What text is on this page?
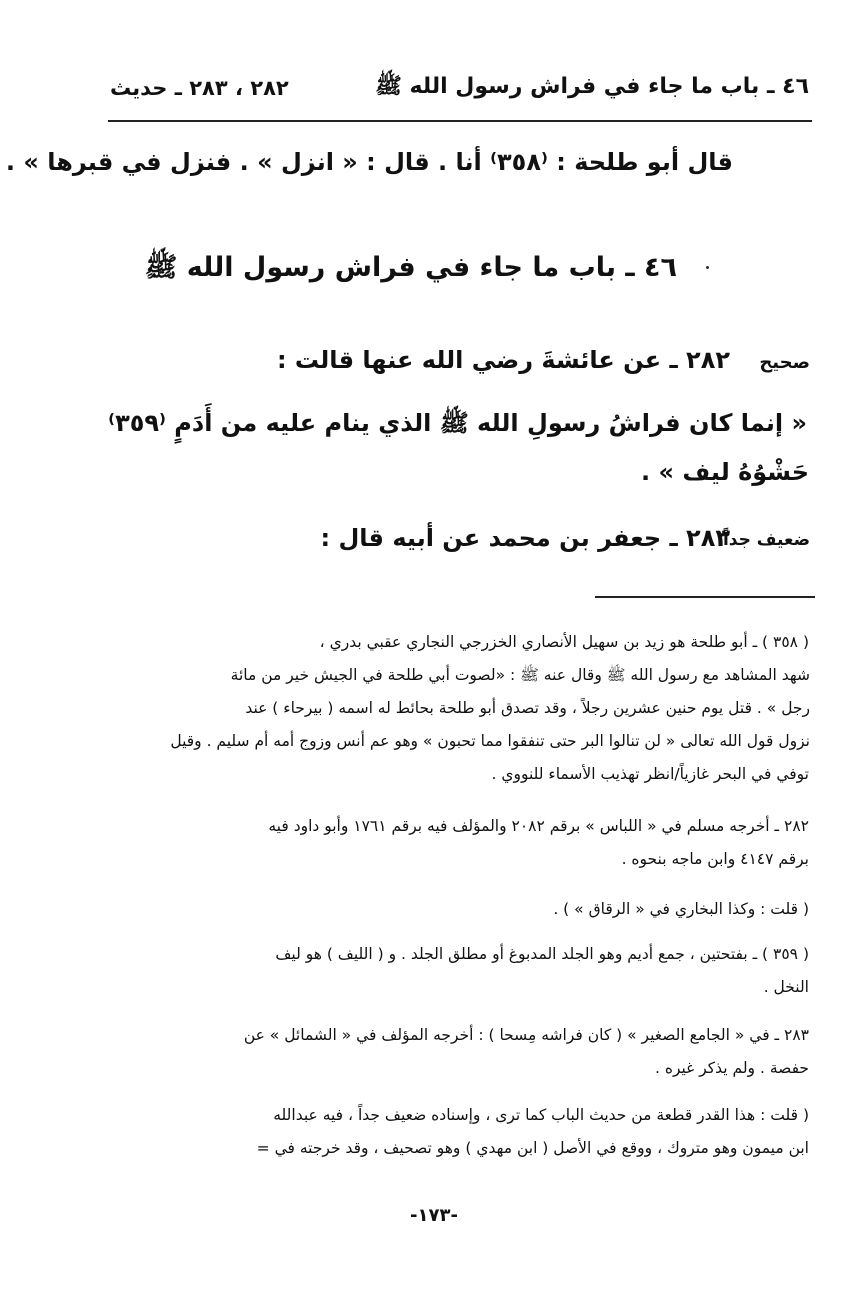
٤٦ ـ باب ما جاء في فراش رسول الله ﷺ
٢٨٢ ، ٢٨٣ ـ حديث
قال أبو طلحة : ⁽٣٥٨⁾ أنا . قال : « انزل » . فنزل في قبرها » .
٤٦ ـ باب ما جاء في فراش رسول الله ﷺ
صحيح
٢٨٢ ـ عن عائشةَ رضي الله عنها قالت :
« إنما كان فراشُ رسولِ الله ﷺ الذي ينام عليه من أَدَمٍ ⁽٣٥٩⁾
حَشْوُهُ ليف » .
ضعيف جداً
٢٨٣ ـ جعفر بن محمد عن أبيه قال :
( ٣٥٨ ) ـ أبو طلحة هو زيد بن سهيل الأنصاري الخزرجي النجاري عقبي بدري ،
شهد المشاهد مع رسول الله ﷺ وقال عنه ﷺ : «لصوت أبي طلحة في الجيش خير من مائة
رجل » . قتل يوم حنين عشرين رجلاً ، وقد تصدق أبو طلحة بحائط له اسمه ( بيرحاء ) عند
نزول قول الله تعالى « لن تنالوا البر حتى تنفقوا مما تحبون » وهو عم أنس وزوج أمه أم سليم . وقيل
توفي في البحر غازياً/انظر تهذيب الأسماء للنووي .
٢٨٢ ـ أخرجه مسلم في « اللباس » برقم ٢٠٨٢ والمؤلف فيه برقم ١٧٦١ وأبو داود فيه
برقم ٤١٤٧ وابن ماجه بنحوه .
( قلت : وكذا البخاري في « الرقاق » ) .
( ٣٥٩ ) ـ بفتحتين ، جمع أديم وهو الجلد المدبوغ أو مطلق الجلد . و ( الليف ) هو ليف
النخل .
٢٨٣ ـ في « الجامع الصغير » ( كان فراشه مِسحا ) : أخرجه المؤلف في « الشمائل » عن
حفصة . ولم يذكر غيره .
( قلت : هذا القدر قطعة من حديث الباب كما ترى ، وإسناده ضعيف جداً ، فيه عبدالله
ابن ميمون وهو متروك ، ووقع في الأصل ( ابن مهدي ) وهو تصحيف ، وقد خرجته في =
-١٧٣-
